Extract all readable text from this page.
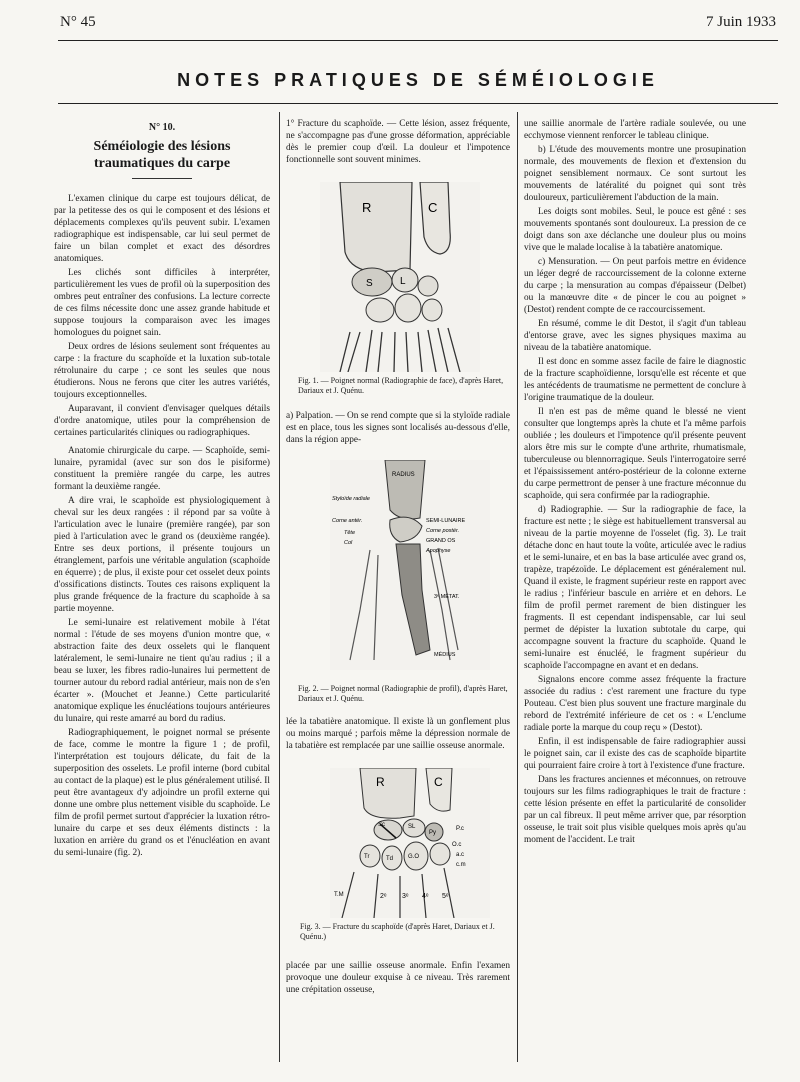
N° 45	7 Juin 1933
NOTES PRATIQUES DE SÉMÉIOLOGIE
N° 10.
Séméiologie des lésions traumatiques du carpe

L'examen clinique du carpe est toujours délicat, de par la petitesse des os qui le composent et des lésions et déplacements complexes qu'ils peuvent subir. L'examen radiographique est indispensable, car lui seul permet de faire un bilan complet et exact des désordres anatomiques.

Les clichés sont difficiles à interpréter, particulièrement les vues de profil où la superposition des ombres peut entraîner des confusions. La lecture correcte de ces films nécessite donc une assez grande habitude et suppose toujours la comparaison avec les images homologues du poignet sain.

Deux ordres de lésions seulement sont fréquentes au carpe : la fracture du scaphoïde et la luxation sub-totale rétrolunaire du carpe ; ce sont les seules que nous étudierons. Nous ne ferons que citer les autres variétés, toujours exceptionnelles.

Auparavant, il convient d'envisager quelques détails d'ordre anatomique, utiles pour la compréhension de certaines particularités cliniques ou radiographiques.

Anatomie chirurgicale du carpe. — Scaphoïde, semi-lunaire, pyramidal (avec sur son dos le pisiforme) constituent la première rangée du carpe, les autres formant la deuxième rangée.

A dire vrai, le scaphoïde est physiologiquement à cheval sur les deux rangées : il répond par sa voûte à l'articulation avec le lunaire (première rangée), par son pied à l'articulation avec le grand os (deuxième rangée). Entre ses deux portions, il présente toujours un étranglement, parfois une véritable angulation (scaphoïde en équerre) ; de plus, il existe pour cet osselet deux points d'ossifications distincts. Toutes ces raisons expliquent la plus grande fréquence de la fracture du scaphoïde à sa partie moyenne.

Le semi-lunaire est relativement mobile à l'état normal : l'étude de ses moyens d'union montre que, « abstraction faite des deux osselets qui le flanquent latéralement, le semi-lunaire ne tient qu'au radius ; il a beau se luxer, les fibres radio-lunaires lui permettent de tourner autour du rebord radial antérieur, mais non de s'en écarter ». (Mouchet et Jeanne.) Cette particularité anatomique explique les énucléations toujours antérieures du lunaire, qui reste amarré au bord du radius.

Radiographiquement, le poignet normal se présente de face, comme le montre la figure 1 ; de profil, l'interprétation est toujours délicate, du fait de la superposition des osselets. Le profil interne (bord cubital au contact de la plaque) est le plus généralement utilisé. Il peut être avantageux d'y adjoindre un profil externe qui donne une ombre plus nettement visible du scaphoïde. Le film de profil permet surtout d'apprécier la luxation rétro-lunaire du carpe et ses deux éléments distincts : la luxation en arrière du grand os et l'énucléation en avant du semi-lunaire (fig. 2).

1° Fracture du scaphoïde. — Cette lésion, assez fréquente, ne s'accompagne pas d'une grosse déformation, appréciable dès le premier coup d'œil. La douleur et l'impotence fonctionnelle sont souvent minimes.
R	C
L
S
Fig. 1. — Poignet normal (Radiographie de face), d'après Haret, Dariaux et J. Quénu.
a) Palpation. — On se rend compte que si la styloïde radiale est en place, tous les signes sont localisés au-dessous d'elle, dans la région appe-
RADIUS
Styloïde radiale
SEMI-LUNAIRE
Corne antér.
Corne postér.
Tête
Col	GRAND OS
Apophyse
3ᵉ MÉTAT.
MÉDIUS
Fig. 2. — Poignet normal (Radiographie de profil), d'après Haret, Dariaux et J. Quénu.
lée la tabatière anatomique. Il existe là un gonflement plus ou moins marqué ; parfois même la dépression normale de la tabatière est remplacée par une saillie osseuse anormale.
R	C
Sc	SL
Py
P.c
Tr	Td G.O
O.c
a.c
c.m
T.M	2ᵉ 3ᵉ 4ᵉ 5ᵉ
Fig. 3. — Fracture du scaphoïde (d'après Haret, Dariaux et J. Quénu.)
placée par une saillie osseuse anormale. Enfin l'examen provoque une douleur exquise à ce niveau. Très rarement une crépitation osseuse,

une saillie anormale de l'artère radiale soulevée, ou une ecchymose viennent renforcer le tableau clinique.

b) L'étude des mouvements montre une prosupination normale, des mouvements de flexion et d'extension du poignet sensiblement normaux. Ce sont surtout les mouvements de latéralité du poignet qui sont très douloureux, particulièrement l'abduction de la main.

Les doigts sont mobiles. Seul, le pouce est gêné : ses mouvements spontanés sont douloureux. La pression de ce doigt dans son axe déclanche une douleur plus ou moins vive que le malade localise à la tabatière anatomique.

c) Mensuration. — On peut parfois mettre en évidence un léger degré de raccourcissement de la colonne externe du carpe ; la mensuration au compas d'épaisseur (Delbet) ou la manœuvre dite « de pincer le cou au poignet » (Destot) rendent compte de ce raccourcissement.

En résumé, comme le dit Destot, il s'agit d'un tableau d'entorse grave, avec les signes physiques maxima au niveau de la tabatière anatomique.

Il est donc en somme assez facile de faire le diagnostic de la fracture scaphoïdienne, lorsqu'elle est récente et que les antécédents de traumatisme ne permettent de conclure à l'origine traumatique de la douleur.

Il n'en est pas de même quand le blessé ne vient consulter que longtemps après la chute et l'a même parfois oubliée ; les douleurs et l'impotence qu'il présente peuvent alors être mis sur le compte d'une arthrite, rhumatismale, tuberculeuse ou blennorragique. Seuls l'interrogatoire serré et l'épaississement antéro-postérieur de la colonne externe du carpe permettront de penser à une fracture méconnue du scaphoïde, qui sera confirmée par la radiographie.

d) Radiographie. — Sur la radiographie de face, la fracture est nette ; le siège est habituellement transversal au niveau de la partie moyenne de l'osselet (fig. 3). Le trait détache donc en haut toute la voûte, articulée avec le radius et le semi-lunaire, et en bas la base articulée avec grand os, trapèze, trapézoïde. Le déplacement est généralement nul. Quand il existe, le fragment supérieur reste en rapport avec le radius ; l'inférieur bascule en arrière et en dehors. Le film de profil permet rarement de bien distinguer les fragments. Il est cependant indispensable, car lui seul permet de dépister la luxation subtotale du carpe, qui accompagne souvent la fracture du scaphoïde. Quand le semi-lunaire est énucléé, le fragment supérieur du scaphoïde l'accompagne en avant et en dedans.

Signalons encore comme assez fréquente la fracture associée du radius : c'est rarement une fracture du type Pouteau. C'est bien plus souvent une fracture marginale du rebord de l'extrémité inférieure de cet os : « L'enclume radiale porte la marque du coup reçu » (Destot).

Enfin, il est indispensable de faire radiographier aussi le poignet sain, car il existe des cas de scaphoïde bipartite qui pourraient faire croire à tort à l'existence d'une fracture.

Dans les fractures anciennes et méconnues, on retrouve toujours sur les films radiographiques le trait de fracture : cette lésion présente en effet la particularité de consolider par un cal fibreux. Il peut même arriver que, par résorption osseuse, le trait soit plus visible quelques mois après qu'au moment de l'accident. Le trait
